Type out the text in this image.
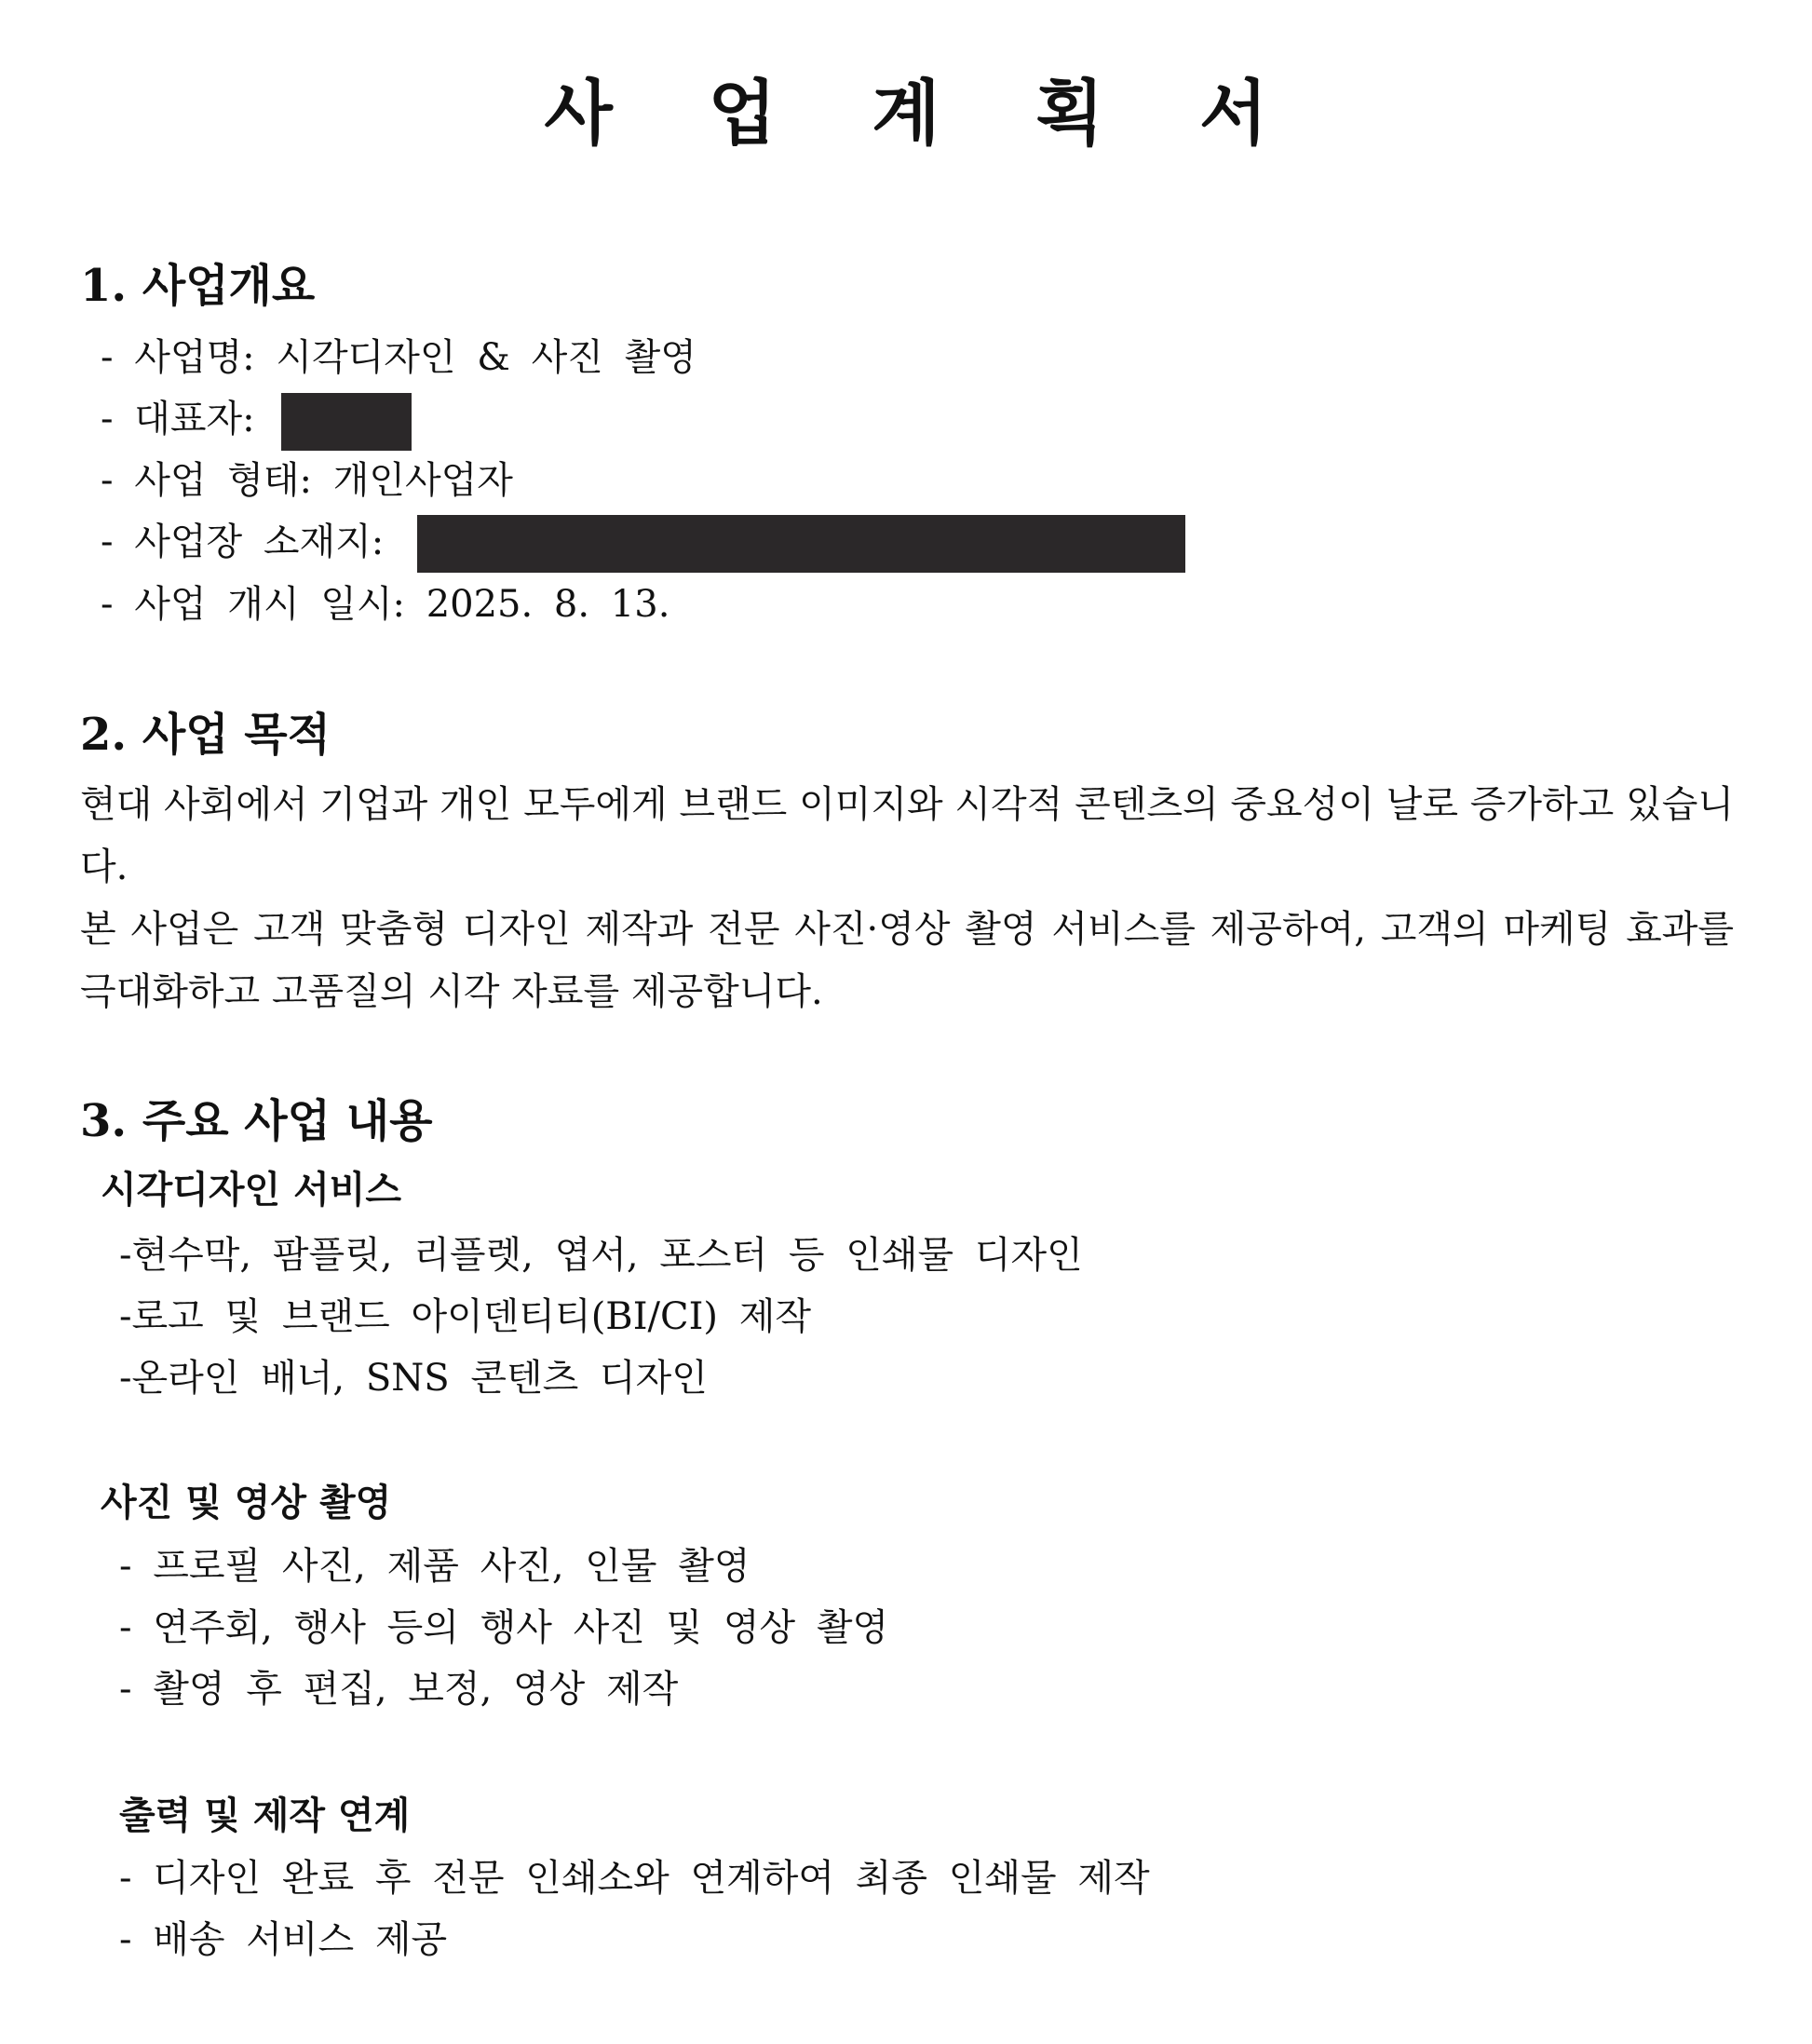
사 업 계 획 서
1. 사업개요
- 사업명: 시각디자인 & 사진 촬영
- 대표자:
- 사업 형태: 개인사업자
- 사업장 소재지:
- 사업 개시 일시: 2025. 8. 13.
2. 사업 목적
현대 사회에서 기업과 개인 모두에게 브랜드 이미지와 시각적 콘텐츠의 중요성이 날로 증가하고 있습니다.
본 사업은 고객 맞춤형 디자인 제작과 전문 사진·영상 촬영 서비스를 제공하여, 고객의 마케팅 효과를 극대화하고 고품질의 시각 자료를 제공합니다.
3. 주요 사업 내용
시각디자인 서비스
-현수막, 팜플릿, 리플렛, 엽서, 포스터 등 인쇄물 디자인
-로고 및 브랜드 아이덴티티(BI/CI) 제작
-온라인 배너, SNS 콘텐츠 디자인
사진 및 영상 촬영
- 프로필 사진, 제품 사진, 인물 촬영
- 연주회, 행사 등의 행사 사진 및 영상 촬영
- 촬영 후 편집, 보정, 영상 제작
출력 및 제작 연계
- 디자인 완료 후 전문 인쇄소와 연계하여 최종 인쇄물 제작
- 배송 서비스 제공
